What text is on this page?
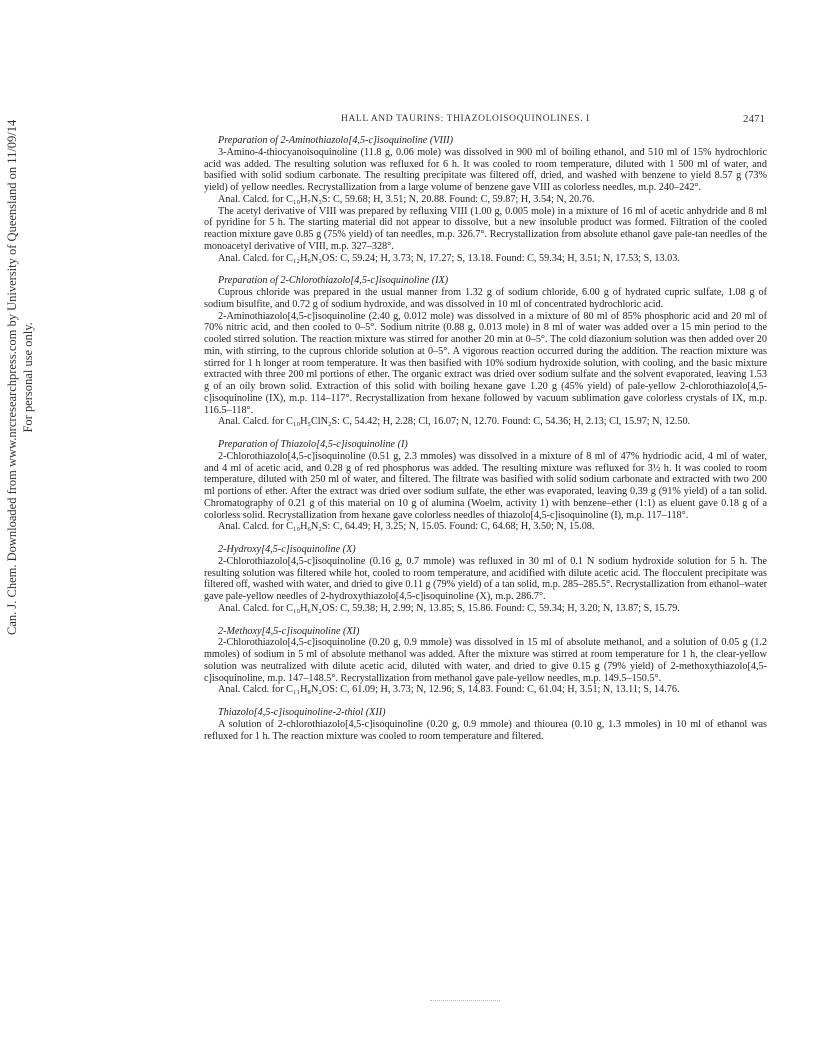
Can. J. Chem. Downloaded from www.nrcresearchpress.com by University of Queensland on 11/09/14 For personal use only.
HALL AND TAURINS: THIAZOLOISOQUINOLINES. I	2471

Preparation of 2-Aminothiazolo[4,5-c]isoquinoline (VIII)

3-Amino-4-thiocyanoisoquinoline (11.8 g, 0.06 mole) was dissolved in 900 ml of boiling ethanol, and 510 ml of 15% hydrochloric acid was added. The resulting solution was refluxed for 6 h. It was cooled to room temperature, diluted with 1 500 ml of water, and basified with solid sodium carbonate. The resulting precipitate was filtered off, dried, and washed with benzene to yield 8.57 g (73% yield) of yellow needles. Recrystallization from a large volume of benzene gave VIII as colorless needles, m.p. 240–242°.

Anal. Calcd. for C₁₀H₇N₃S: C, 59.68; H, 3.51; N, 20.88. Found: C, 59.87; H, 3.54; N, 20.76.

The acetyl derivative of VIII was prepared by refluxing VIII (1.00 g, 0.005 mole) in a mixture of 16 ml of acetic anhydride and 8 ml of pyridine for 5 h. The starting material did not appear to dissolve, but a new insoluble product was formed. Filtration of the cooled reaction mixture gave 0.85 g (75% yield) of tan needles, m.p. 326.7°. Recrystallization from absolute ethanol gave pale-tan needles of the monoacetyl derivative of VIII, m.p. 327–328°.

Anal. Calcd. for C₁₂H₉N₃OS: C, 59.24; H, 3.73; N, 17.27; S, 13.18. Found: C, 59.34; H, 3.51; N, 17.53; S, 13.03.

Preparation of 2-Chlorothiazolo[4,5-c]isoquinoline (IX)

Cuprous chloride was prepared in the usual manner from 1.32 g of sodium chloride, 6.00 g of hydrated cupric sulfate, 1.08 g of sodium bisulfite, and 0.72 g of sodium hydroxide, and was dissolved in 10 ml of concentrated hydrochloric acid.

2-Aminothiazolo[4,5-c]isoquinoline (2.40 g, 0.012 mole) was dissolved in a mixture of 80 ml of 85% phosphoric acid and 20 ml of 70% nitric acid, and then cooled to 0–5°. Sodium nitrite (0.88 g, 0.013 mole) in 8 ml of water was added over a 15 min period to the cooled stirred solution. The reaction mixture was stirred for another 20 min at 0–5°. The cold diazonium solution was then added over 20 min, with stirring, to the cuprous chloride solution at 0–5°. A vigorous reaction occurred during the addition. The reaction mixture was stirred for 1 h longer at room temperature. It was then basified with 10% sodium hydroxide solution, with cooling, and the basic mixture extracted with three 200 ml portions of ether. The organic extract was dried over sodium sulfate and the solvent evaporated, leaving 1.53 g of an oily brown solid. Extraction of this solid with boiling hexane gave 1.20 g (45% yield) of pale-yellow 2-chlorothiazolo[4,5-c]isoquinoline (IX), m.p. 114–117°. Recrystallization from hexane followed by vacuum sublimation gave colorless crystals of IX, m.p. 116.5–118°.

Anal. Calcd. for C₁₀H₅ClN₂S: C, 54.42; H, 2.28; Cl, 16.07; N, 12.70. Found: C, 54.36; H, 2.13; Cl, 15.97; N, 12.50.

Preparation of Thiazolo[4,5-c]isoquinoline (I)

2-Chlorothiazolo[4,5-c]isoquinoline (0.51 g, 2.3 mmoles) was dissolved in a mixture of 8 ml of 47% hydriodic acid, 4 ml of water, and 4 ml of acetic acid, and 0.28 g of red phosphorus was added. The resulting mixture was refluxed for 3½ h. It was cooled to room temperature, diluted with 250 ml of water, and filtered. The filtrate was basified with solid sodium carbonate and extracted with two 200 ml portions of ether. After the extract was dried over sodium sulfate, the ether was evaporated, leaving 0.39 g (91% yield) of a tan solid. Chromatography of 0.21 g of this material on 10 g of alumina (Woelm, activity 1) with benzene–ether (1:1) as eluent gave 0.18 g of a colorless solid. Recrystallization from hexane gave colorless needles of thiazolo[4,5-c]isoquinoline (I), m.p. 117–118°.

Anal. Calcd. for C₁₀H₆N₂S: C, 64.49; H, 3.25; N, 15.05. Found: C, 64.68; H, 3.50; N, 15.08.

2-Hydroxy[4,5-c]isoquinoline (X)

2-Chlorothiazolo[4,5-c]isoquinoline (0.16 g, 0.7 mmole) was refluxed in 30 ml of 0.1 N sodium hydroxide solution for 5 h. The resulting solution was filtered while hot, cooled to room temperature, and acidified with dilute acetic acid. The flocculent precipitate was filtered off, washed with water, and dried to give 0.11 g (79% yield) of a tan solid, m.p. 285–285.5°. Recrystallization from ethanol–water gave pale-yellow needles of 2-hydroxythiazolo[4,5-c]isoquinoline (X), m.p. 286.7°.

Anal. Calcd. for C₁₀H₆N₂OS: C, 59.38; H, 2.99; N, 13.85; S, 15.86. Found: C, 59.34; H, 3.20; N, 13.87; S, 15.79.

2-Methoxy[4,5-c]isoquinoline (XI)

2-Chlorothiazolo[4,5-c]isoquinoline (0.20 g, 0.9 mmole) was dissolved in 15 ml of absolute methanol, and a solution of 0.05 g (1.2 mmoles) of sodium in 5 ml of absolute methanol was added. After the mixture was stirred at room temperature for 1 h, the clear-yellow solution was neutralized with dilute acetic acid, diluted with water, and dried to give 0.15 g (79% yield) of 2-methoxythiazolo[4,5-c]isoquinoline, m.p. 147–148.5°. Recrystallization from methanol gave pale-yellow needles, m.p. 149.5–150.5°.

Anal. Calcd. for C₁₁H₈N₂OS: C, 61.09; H, 3.73; N, 12.96; S, 14.83. Found: C, 61.04; H, 3.51; N, 13.11; S, 14.76.

Thiazolo[4,5-c]isoquinoline-2-thiol (XII)

A solution of 2-chlorothiazolo[4,5-c]isoquinoline (0.20 g, 0.9 mmole) and thiourea (0.10 g, 1.3 mmoles) in 10 ml of ethanol was refluxed for 1 h. The reaction mixture was cooled to room temperature and filtered.
